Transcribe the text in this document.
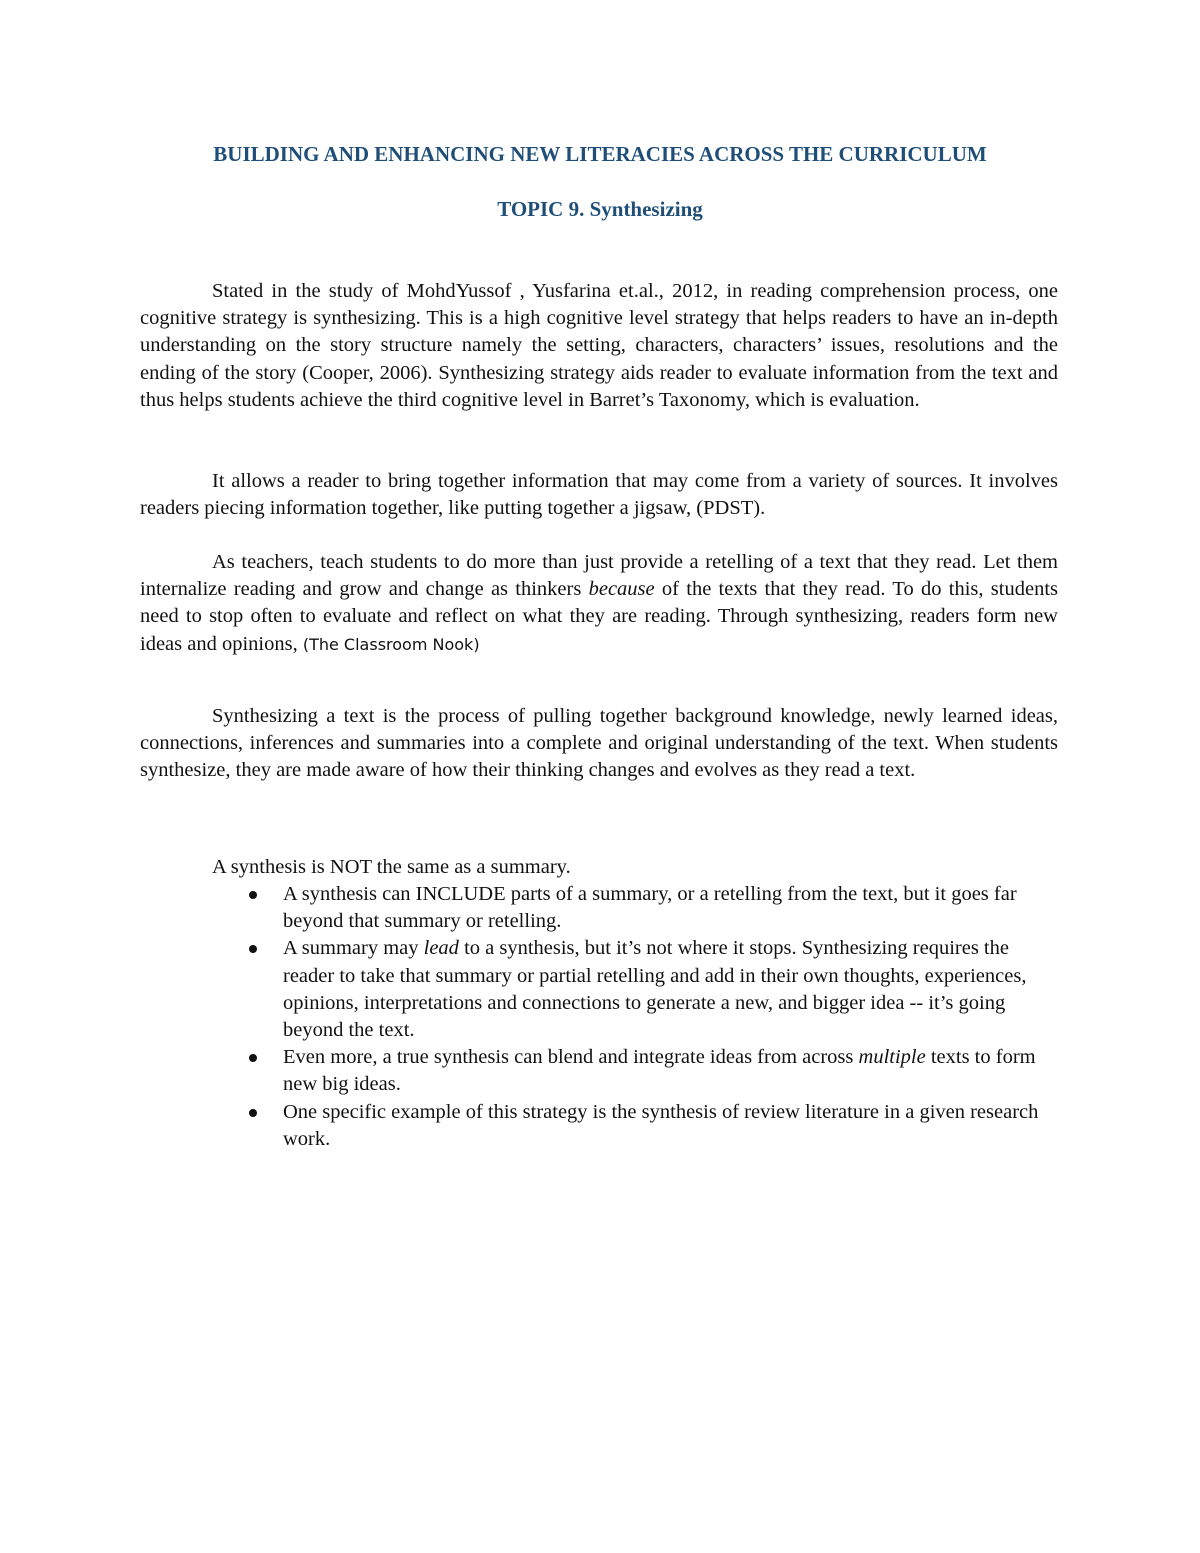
BUILDING AND ENHANCING NEW LITERACIES ACROSS THE CURRICULUM
TOPIC 9. Synthesizing

Stated in the study of MohdYussof , Yusfarina et.al., 2012, in reading comprehension process, one cognitive strategy is synthesizing. This is a high cognitive level strategy that helps readers to have an in-depth understanding on the story structure namely the setting, characters, characters’ issues, resolutions and the ending of the story (Cooper, 2006). Synthesizing strategy aids reader to evaluate information from the text and thus helps students achieve the third cognitive level in Barret’s Taxonomy, which is evaluation.

It allows a reader to bring together information that may come from a variety of sources. It involves readers piecing information together, like putting together a jigsaw, (PDST).

As teachers, teach students to do more than just provide a retelling of a text that they read. Let them internalize reading and grow and change as thinkers because of the texts that they read. To do this, students need to stop often to evaluate and reflect on what they are reading. Through synthesizing, readers form new ideas and opinions, (The Classroom Nook)

Synthesizing a text is the process of pulling together background knowledge, newly learned ideas, connections, inferences and summaries into a complete and original understanding of the text. When students synthesize, they are made aware of how their thinking changes and evolves as they read a text.

A synthesis is NOT the same as a summary.

A synthesis can INCLUDE parts of a summary, or a retelling from the text, but it goes far beyond that summary or retelling.
A summary may lead to a synthesis, but it’s not where it stops. Synthesizing requires the reader to take that summary or partial retelling and add in their own thoughts, experiences, opinions, interpretations and connections to generate a new, and bigger idea -- it’s going beyond the text.
Even more, a true synthesis can blend and integrate ideas from across multiple texts to form new big ideas.
One specific example of this strategy is the synthesis of review literature in a given research work.
